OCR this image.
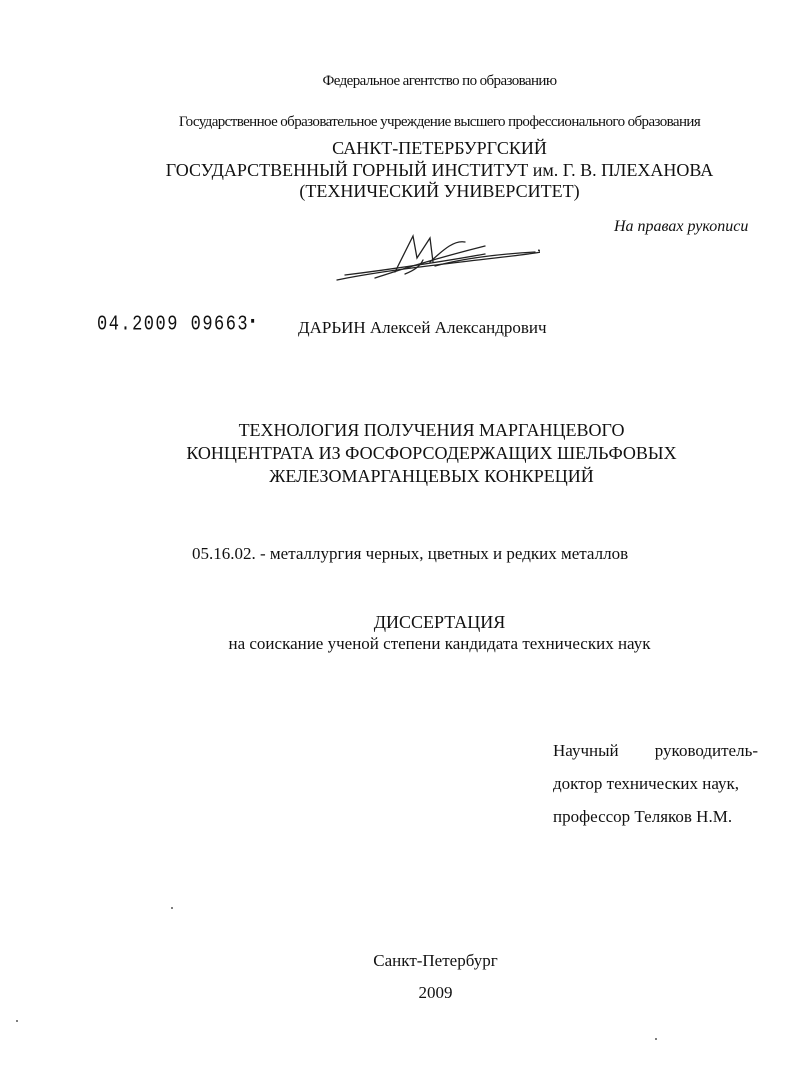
Федеральное агентство по образованию
Государственное образовательное учреждение высшего профессионального образования
САНКТ-ПЕТЕРБУРГСКИЙ
ГОСУДАРСТВЕННЫЙ ГОРНЫЙ ИНСТИТУТ им. Г. В. ПЛЕХАНОВА
(ТЕХНИЧЕСКИЙ УНИВЕРСИТЕТ)
На правах рукописи
04.2009 09663▪ ДАРЬИН Алексей Александрович
ТЕХНОЛОГИЯ ПОЛУЧЕНИЯ МАРГАНЦЕВОГО
КОНЦЕНТРАТА ИЗ ФОСФОРСОДЕРЖАЩИХ ШЕЛЬФОВЫХ
ЖЕЛЕЗОМАРГАНЦЕВЫХ КОНКРЕЦИЙ
05.16.02. - металлургия черных, цветных и редких металлов
ДИССЕРТАЦИЯ
на соискание ученой степени кандидата технических наук
Научный руководитель-
доктор технических наук,
профессор Теляков Н.М.
Санкт-Петербург
2009
